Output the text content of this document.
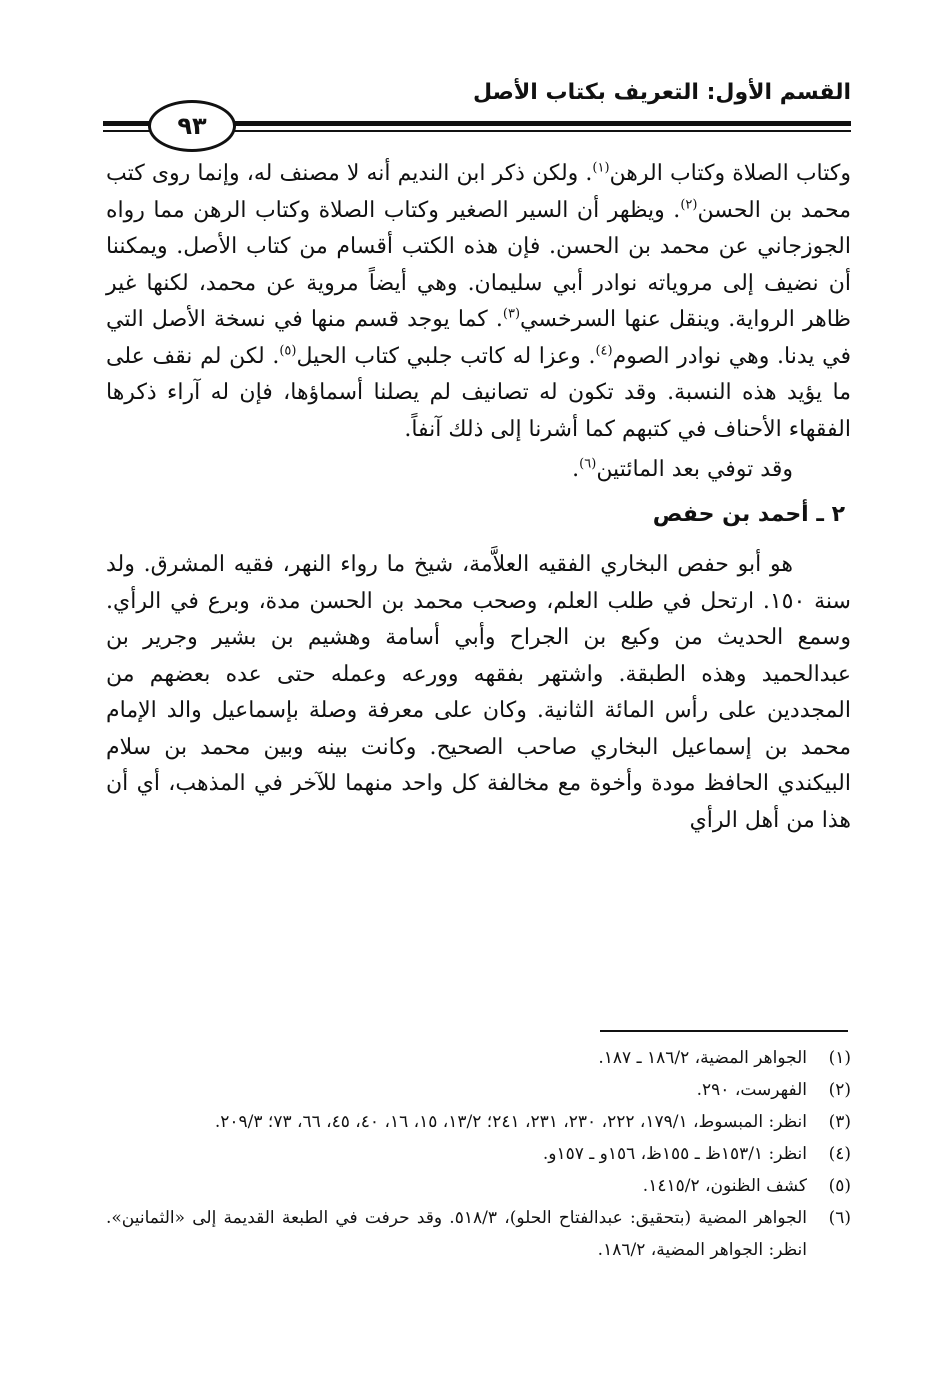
القسم الأول: التعريف بكتاب الأصل
٩٣

وكتاب الصلاة وكتاب الرهن$^{(١)}$. ولكن ذكر ابن النديم أنه لا مصنف له، وإنما روى كتب محمد بن الحسن$^{(٢)}$. ويظهر أن السير الصغير وكتاب الصلاة وكتاب الرهن مما رواه الجوزجاني عن محمد بن الحسن. فإن هذه الكتب أقسام من كتاب الأصل. ويمكننا أن نضيف إلى مروياته نوادر أبي سليمان. وهي أيضاً مروية عن محمد، لكنها غير ظاهر الرواية. وينقل عنها السرخسي$^{(٣)}$. كما يوجد قسم منها في نسخة الأصل التي في يدنا. وهي نوادر الصوم$^{(٤)}$. وعزا له كاتب جلبي كتاب الحيل$^{(٥)}$. لكن لم نقف على ما يؤيد هذه النسبة. وقد تكون له تصانيف لم يصلنا أسماؤها، فإن له آراء ذكرها الفقهاء الأحناف في كتبهم كما أشرنا إلى ذلك آنفاً.

وقد توفي بعد المائتين$^{(٦)}$.

٢ ـ أحمد بن حفص

هو أبو حفص البخاري الفقيه العلاَّمة، شيخ ما رواء النهر، فقيه المشرق. ولد سنة ١٥٠. ارتحل في طلب العلم، وصحب محمد بن الحسن مدة، وبرع في الرأي. وسمع الحديث من وكيع بن الجراح وأبي أسامة وهشيم بن بشير وجرير بن عبدالحميد وهذه الطبقة. واشتهر بفقهه وورعه وعمله حتى عده بعضهم من المجددين على رأس المائة الثانية. وكان على معرفة وصلة بإسماعيل والد الإمام محمد بن إسماعيل البخاري صاحب الصحيح. وكانت بينه وبين محمد بن سلام البيكندي الحافظ مودة وأخوة مع مخالفة كل واحد منهما للآخر في المذهب، أي أن هذا من أهل الرأي

(١)
الجواهر المضية، ١٨٦/٢ ـ ١٨٧.
(٢)
الفهرست، ٢٩٠.
(٣)
انظر: المبسوط، ١٧٩/١، ٢٢٢، ٢٣٠، ٢٣١، ٢٤١؛ ١٣/٢، ١٥، ١٦، ٤٠، ٤٥، ٦٦، ٧٣؛ ٢٠٩/٣.
(٤)
انظر: ١٥٣/١ظ ـ ١٥٥ظ، ١٥٦و ـ ١٥٧و.
(٥)
كشف الظنون، ١٤١٥/٢.
(٦)
الجواهر المضية (بتحقيق: عبدالفتاح الحلو)، ٥١٨/٣. وقد حرفت في الطبعة القديمة إلى «الثمانين». انظر: الجواهر المضية، ١٨٦/٢.
